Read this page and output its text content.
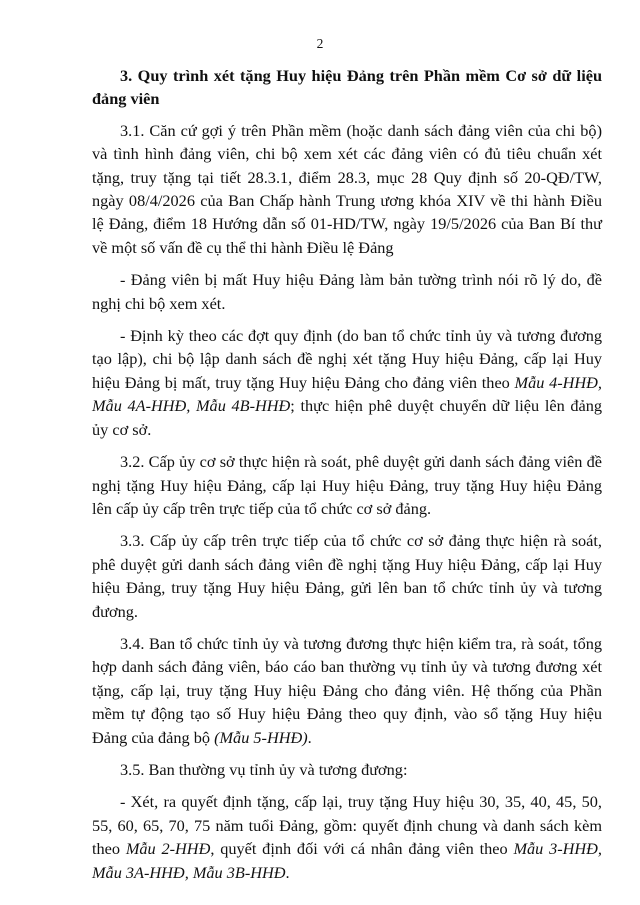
2

3. Quy trình xét tặng Huy hiệu Đảng trên Phần mềm Cơ sở dữ liệu đảng viên

3.1. Căn cứ gợi ý trên Phần mềm (hoặc danh sách đảng viên của chi bộ) và tình hình đảng viên, chi bộ xem xét các đảng viên có đủ tiêu chuẩn xét tặng, truy tặng tại tiết 28.3.1, điểm 28.3, mục 28 Quy định số 20-QĐ/TW, ngày 08/4/2026 của Ban Chấp hành Trung ương khóa XIV về thi hành Điều lệ Đảng, điểm 18 Hướng dẫn số 01-HD/TW, ngày 19/5/2026 của Ban Bí thư về một số vấn đề cụ thể thi hành Điều lệ Đảng

- Đảng viên bị mất Huy hiệu Đảng làm bản tường trình nói rõ lý do, đề nghị chi bộ xem xét.

- Định kỳ theo các đợt quy định (do ban tổ chức tỉnh ủy và tương đương tạo lập), chi bộ lập danh sách đề nghị xét tặng Huy hiệu Đảng, cấp lại Huy hiệu Đảng bị mất, truy tặng Huy hiệu Đảng cho đảng viên theo Mẫu 4-HHĐ, Mẫu 4A-HHĐ, Mẫu 4B-HHĐ; thực hiện phê duyệt chuyển dữ liệu lên đảng ủy cơ sở.

3.2. Cấp ủy cơ sở thực hiện rà soát, phê duyệt gửi danh sách đảng viên đề nghị tặng Huy hiệu Đảng, cấp lại Huy hiệu Đảng, truy tặng Huy hiệu Đảng lên cấp ủy cấp trên trực tiếp của tổ chức cơ sở đảng.

3.3. Cấp ủy cấp trên trực tiếp của tổ chức cơ sở đảng thực hiện rà soát, phê duyệt gửi danh sách đảng viên đề nghị tặng Huy hiệu Đảng, cấp lại Huy hiệu Đảng, truy tặng Huy hiệu Đảng, gửi lên ban tổ chức tỉnh ủy và tương đương.

3.4. Ban tổ chức tỉnh ủy và tương đương thực hiện kiểm tra, rà soát, tổng hợp danh sách đảng viên, báo cáo ban thường vụ tỉnh ủy và tương đương xét tặng, cấp lại, truy tặng Huy hiệu Đảng cho đảng viên. Hệ thống của Phần mềm tự động tạo số Huy hiệu Đảng theo quy định, vào sổ tặng Huy hiệu Đảng của đảng bộ (Mẫu 5-HHĐ).

3.5. Ban thường vụ tỉnh ủy và tương đương:

- Xét, ra quyết định tặng, cấp lại, truy tặng Huy hiệu 30, 35, 40, 45, 50, 55, 60, 65, 70, 75 năm tuổi Đảng, gồm: quyết định chung và danh sách kèm theo Mẫu 2-HHĐ, quyết định đối với cá nhân đảng viên theo Mẫu 3-HHĐ, Mẫu 3A-HHĐ, Mẫu 3B-HHĐ.
